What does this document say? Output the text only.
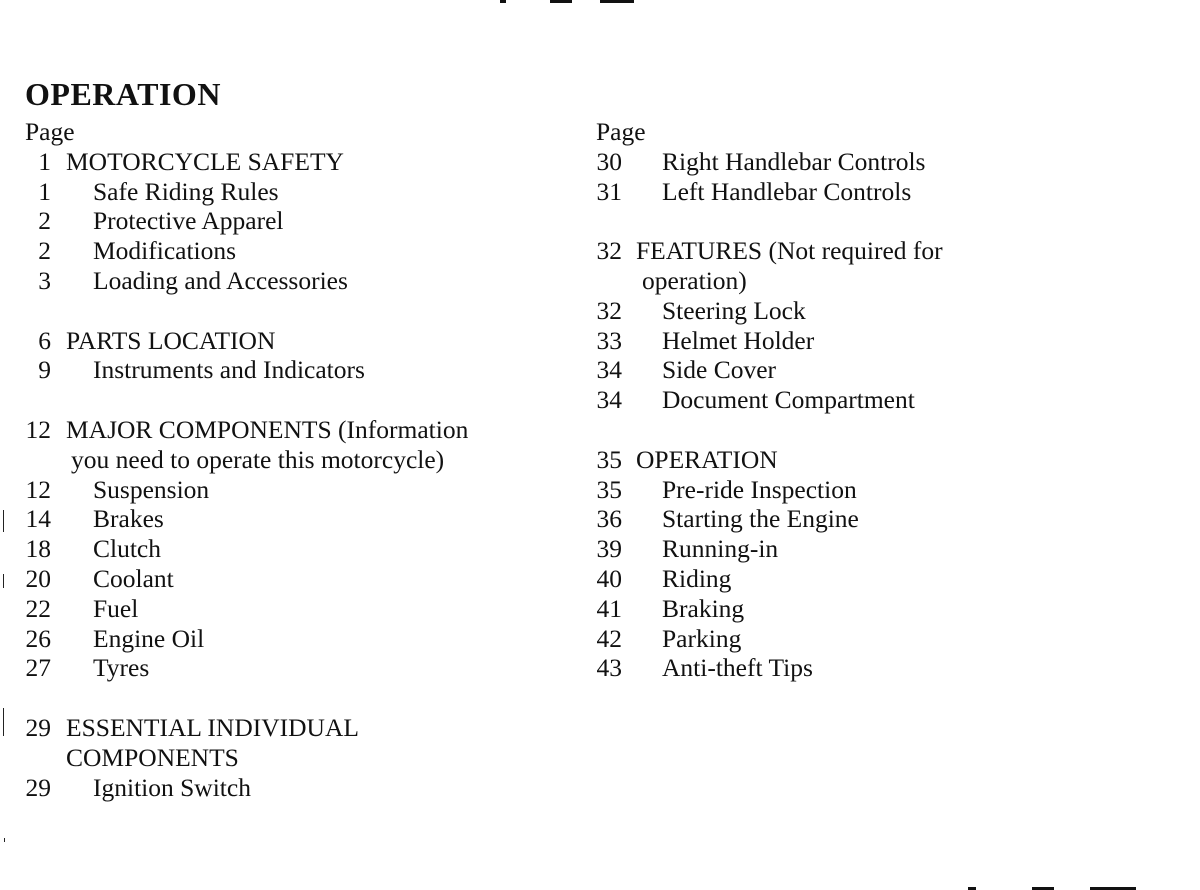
OPERATION
Page
1 MOTORCYCLE SAFETY
1 Safe Riding Rules
2 Protective Apparel
2 Modifications
3 Loading and Accessories
6 PARTS LOCATION
9 Instruments and Indicators
12 MAJOR COMPONENTS (Information
you need to operate this motorcycle)
12 Suspension
14 Brakes
18 Clutch
20 Coolant
22 Fuel
26 Engine Oil
27 Tyres
29 ESSENTIAL INDIVIDUAL
COMPONENTS
29 Ignition Switch
Page
30 Right Handlebar Controls
31 Left Handlebar Controls
32 FEATURES (Not required for
operation)
32 Steering Lock
33 Helmet Holder
34 Side Cover
34 Document Compartment
35 OPERATION
35 Pre-ride Inspection
36 Starting the Engine
39 Running-in
40 Riding
41 Braking
42 Parking
43 Anti-theft Tips
